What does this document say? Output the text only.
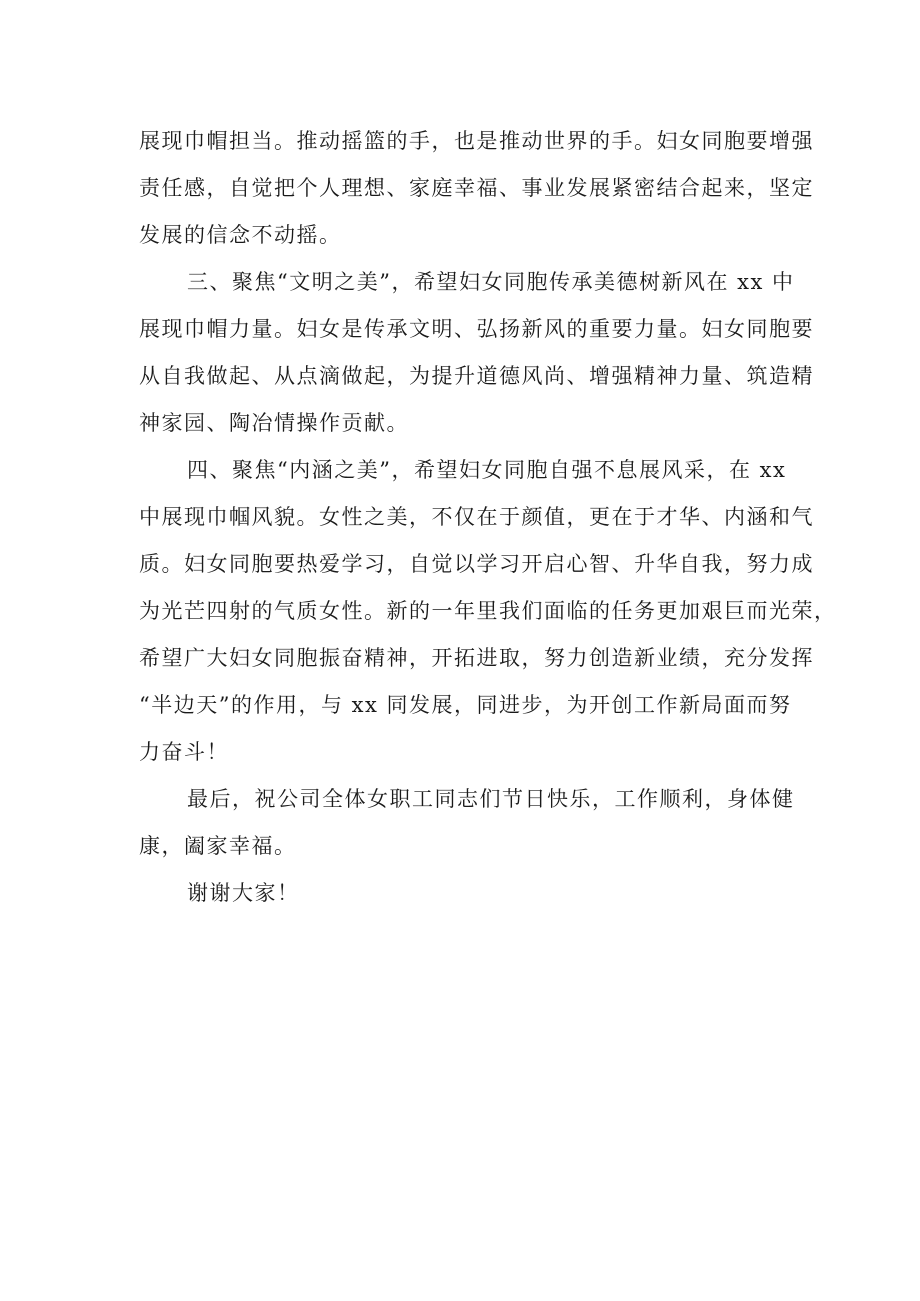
展现巾帽担当。推动摇篮的手，也是推动世界的手。妇女同胞要增强
责任感，自觉把个人理想、家庭幸福、事业发展紧密结合起来，坚定
发展的信念不动摇。

三、聚焦“文明之美”，希望妇女同胞传承美德树新风在 xx 中
展现巾帽力量。妇女是传承文明、弘扬新风的重要力量。妇女同胞要
从自我做起、从点滴做起，为提升道德风尚、增强精神力量、筑造精
神家园、陶冶情操作贡献。

四、聚焦“内涵之美”，希望妇女同胞自强不息展风采，在 xx
中展现巾帼风貌。女性之美，不仅在于颜值，更在于才华、内涵和气
质。妇女同胞要热爱学习，自觉以学习开启心智、升华自我，努力成
为光芒四射的气质女性。新的一年里我们面临的任务更加艰巨而光荣，
希望广大妇女同胞振奋精神，开拓进取，努力创造新业绩，充分发挥
“半边天”的作用，与 xx 同发展，同进步，为开创工作新局面而努
力奋斗！

最后，祝公司全体女职工同志们节日快乐，工作顺利，身体健
康，阖家幸福。

谢谢大家！
